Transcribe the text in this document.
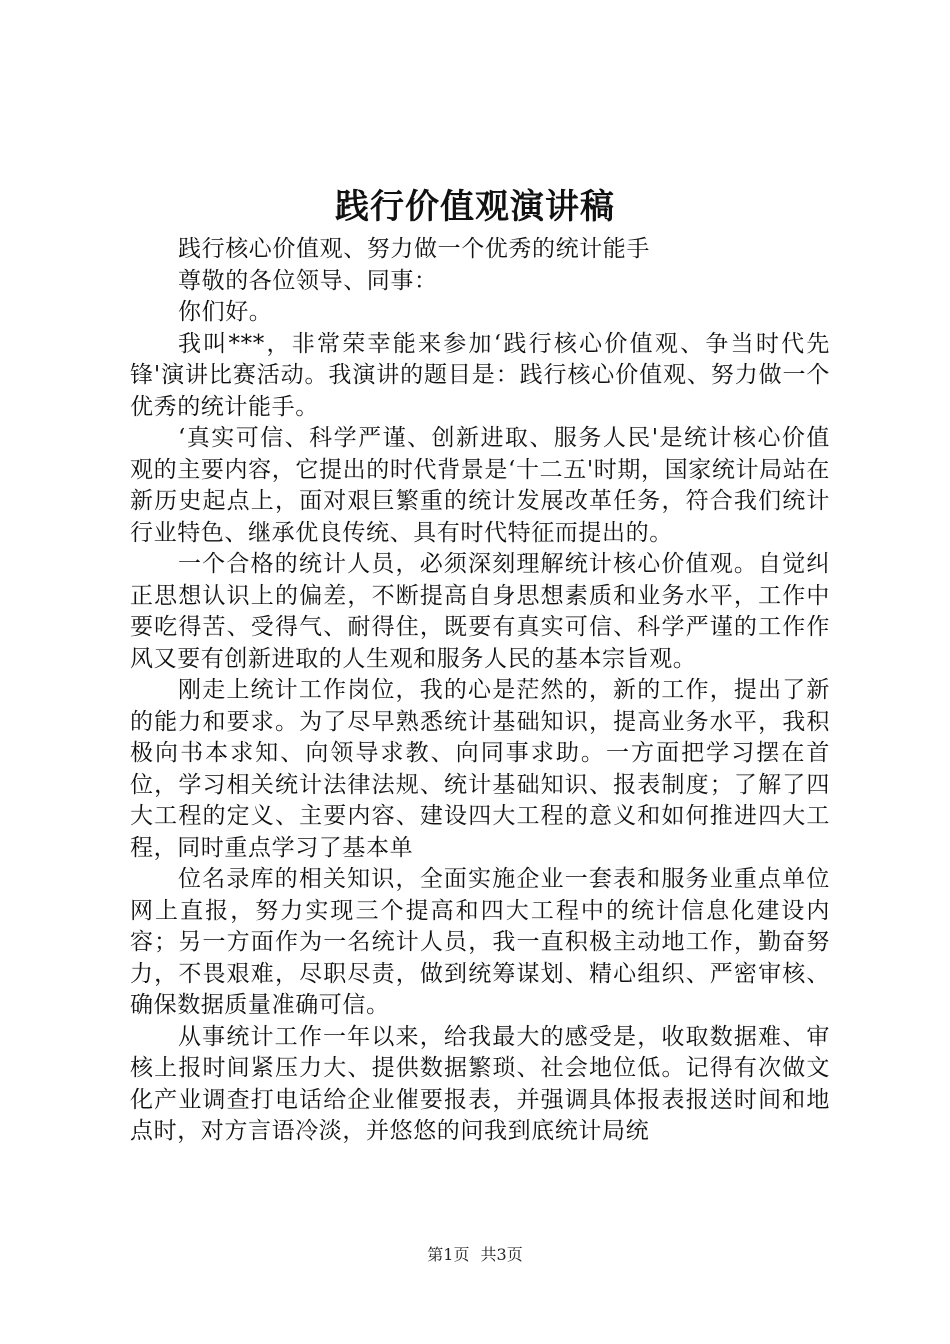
践行价值观演讲稿

践行核心价值观、努力做一个优秀的统计能手

尊敬的各位领导、同事：

你们好。

我叫***，非常荣幸能来参加‘践行核心价值观、争当时代先锋'演讲比赛活动。我演讲的题目是：践行核心价值观、努力做一个优秀的统计能手。

‘真实可信、科学严谨、创新进取、服务人民'是统计核心价值观的主要内容，它提出的时代背景是‘十二五'时期，国家统计局站在新历史起点上，面对艰巨繁重的统计发展改革任务，符合我们统计行业特色、继承优良传统、具有时代特征而提出的。

一个合格的统计人员，必须深刻理解统计核心价值观。自觉纠正思想认识上的偏差，不断提高自身思想素质和业务水平，工作中要吃得苦、受得气、耐得住，既要有真实可信、科学严谨的工作作风又要有创新进取的人生观和服务人民的基本宗旨观。

刚走上统计工作岗位，我的心是茫然的，新的工作，提出了新的能力和要求。为了尽早熟悉统计基础知识，提高业务水平，我积极向书本求知、向领导求教、向同事求助。一方面把学习摆在首位，学习相关统计法律法规、统计基础知识、报表制度；了解了四大工程的定义、主要内容、建设四大工程的意义和如何推进四大工程，同时重点学习了基本单

位名录库的相关知识，全面实施企业一套表和服务业重点单位网上直报，努力实现三个提高和四大工程中的统计信息化建设内容；另一方面作为一名统计人员，我一直积极主动地工作，勤奋努力，不畏艰难，尽职尽责，做到统筹谋划、精心组织、严密审核、确保数据质量准确可信。

从事统计工作一年以来，给我最大的感受是，收取数据难、审核上报时间紧压力大、提供数据繁琐、社会地位低。记得有次做文化产业调查打电话给企业催要报表，并强调具体报表报送时间和地点时，对方言语冷淡，并悠悠的问我到底统计局统

第1页 共3页
